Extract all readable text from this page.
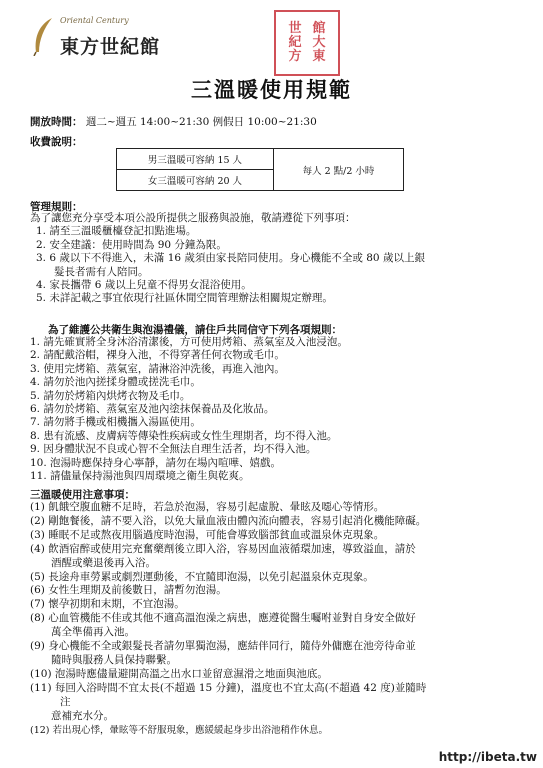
Oriental Century
東方世紀館
世 館
紀 大
方 東
三溫暖使用規範
開放時間： 週二~週五 14:00~21:30 例假日 10:00~21:30
收費說明：
男三溫暖可容納 15 人	每人 2 點/2 小時
女三溫暖可容納 20 人
管理規則：
為了讓您充分享受本項公設所提供之服務與設施，敬請遵從下列事項：
1. 請至三溫暖櫃檯登記扣點進場。
2. 安全建議：使用時間為 90 分鐘為限。
3. 6 歲以下不得進入，未滿 16 歲須由家長陪同使用。身心機能不全或 80 歲以上銀
髮長者需有人陪同。
4. 家長攜帶 6 歲以上兒童不得男女混浴使用。
5. 未詳記載之事宜依現行社區休閒空間管理辦法相關規定辦理。
為了維護公共衛生與泡湯禮儀，請住戶共同信守下列各項規則：
1. 請先確實將全身沐浴清潔後，方可使用烤箱、蒸氣室及入池浸泡。
2. 請配戴浴帽，裸身入池，不得穿著任何衣物或毛巾。
3. 使用完烤箱、蒸氣室，請淋浴沖洗後，再進入池內。
4. 請勿於池內搓揉身體或搓洗毛巾。
5. 請勿於烤箱內烘烤衣物及毛巾。
6. 請勿於烤箱、蒸氣室及池內塗抹保養品及化妝品。
7. 請勿將手機或相機攜入湯區使用。
8. 患有流感、皮膚病等傳染性疾病或女性生理期者，均不得入池。
9. 因身體狀況不良或心智不全無法自理生活者，均不得入池。
10. 泡湯時應保持身心寧靜，請勿在場內喧嘩、嬉戲。
11. 請儘量保持湯池與四周環境之衛生與乾爽。
三溫暖使用注意事項：
(1) 飢餓空腹血糖不足時，若急於泡湯，容易引起虛脫、暈眩及噁心等情形。
(2) 剛飽餐後，請不要入浴，以免大量血液由體內流向體表，容易引起消化機能障礙。
(3) 睡眠不足或熬夜用腦過度時泡湯，可能會導致腦部貧血或溫泉休克現象。
(4) 飲酒宿醉或使用完充奮藥劑後立即入浴，容易因血液循環加速，導致溢血，請於
酒醒或藥退後再入浴。
(5) 長途舟車勞累或劇烈運動後，不宜隨即泡湯，以免引起溫泉休克現象。
(6) 女性生理期及前後數日，請暫勿泡湯。
(7) 懷孕初期和末期，不宜泡湯。
(8) 心血管機能不佳或其他不適高溫泡澡之病患，應遵從醫生囑咐並對自身安全做好
萬全準備再入池。
(9) 身心機能不全或銀髮長者請勿單獨泡湯，應結伴同行，隨侍外傭應在池旁待命並
隨時與服務人員保持聯繫。
(10) 泡湯時應儘量避開高溫之出水口並留意濕滑之地面與池底。
(11) 每回入浴時間不宜太長(不超過 15 分鐘)，溫度也不宜太高(不超過 42 度)並隨時
注
意補充水分。
(12) 若出現心悸，暈眩等不舒服現象，應緩緩起身步出浴池稍作休息。
http://ibeta.tw
